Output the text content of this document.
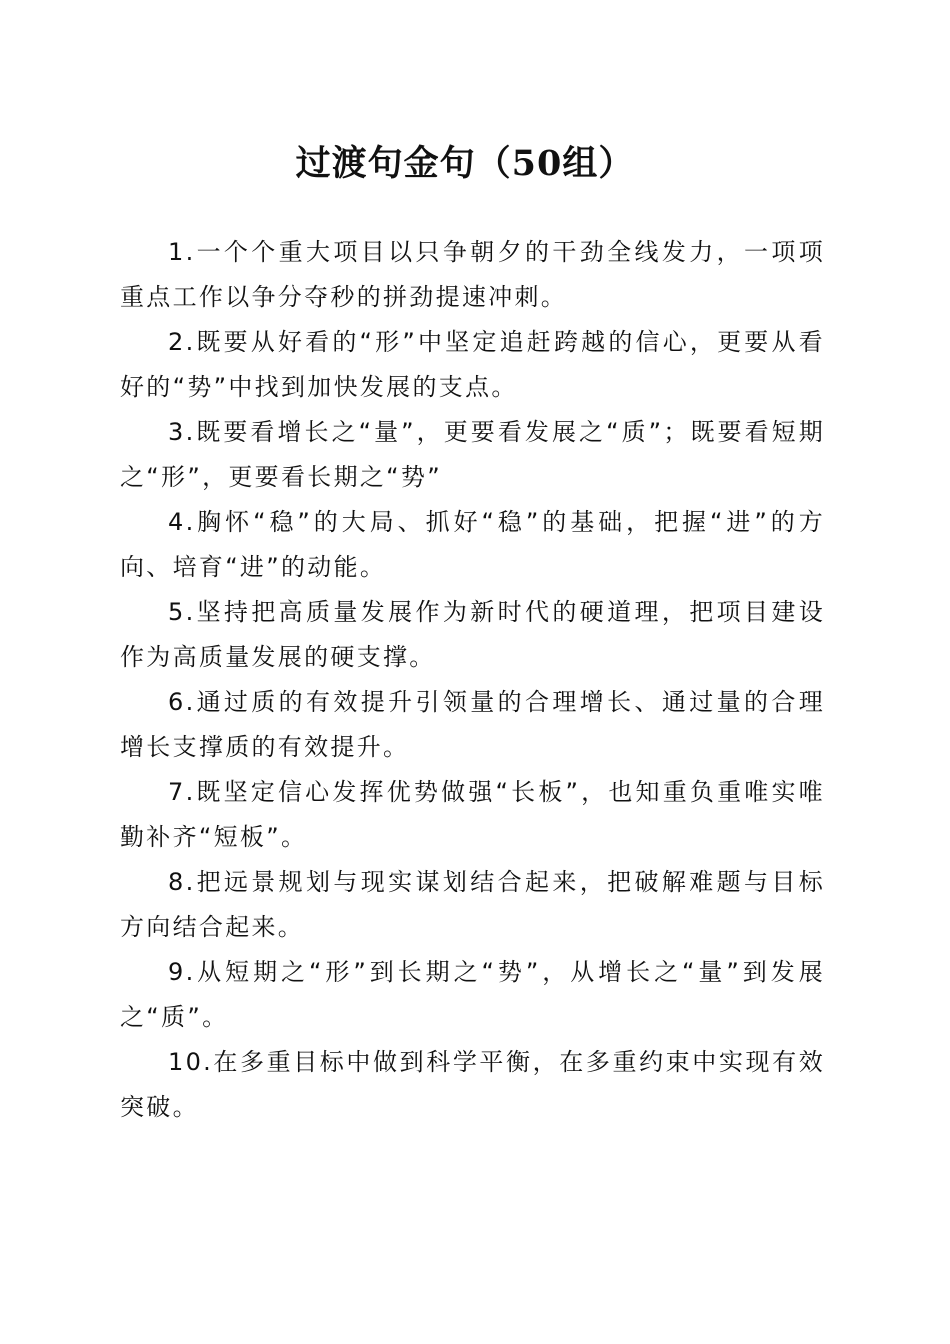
过渡句金句（50组）

1.一个个重大项目以只争朝夕的干劲全线发力，一项项重点工作以争分夺秒的拼劲提速冲刺。

2.既要从好看的“形”中坚定追赶跨越的信心，更要从看好的“势”中找到加快发展的支点。

3.既要看增长之“量”，更要看发展之“质”；既要看短期之“形”，更要看长期之“势”

4.胸怀“稳”的大局、抓好“稳”的基础，把握“进”的方向、培育“进”的动能。

5.坚持把高质量发展作为新时代的硬道理，把项目建设作为高质量发展的硬支撑。

6.通过质的有效提升引领量的合理增长、通过量的合理增长支撑质的有效提升。

7.既坚定信心发挥优势做强“长板”，也知重负重唯实唯勤补齐“短板”。

8.把远景规划与现实谋划结合起来，把破解难题与目标方向结合起来。

9.从短期之“形”到长期之“势”，从增长之“量”到发展之“质”。

10.在多重目标中做到科学平衡，在多重约束中实现有效突破。
